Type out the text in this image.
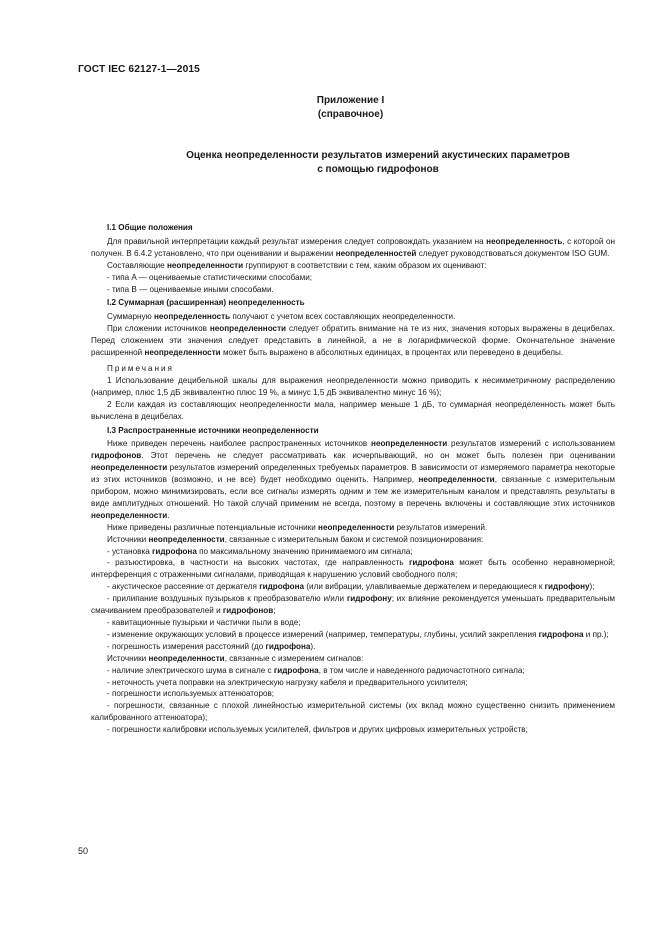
ГОСТ IEC 62127-1—2015
Приложение I
(справочное)
Оценка неопределенности результатов измерений акустических параметров
с помощью гидрофонов

I.1 Общие положения

Для правильной интерпретации каждый результат измерения следует сопровождать указанием на неопределенность, с которой он получен. В 6.4.2 установлено, что при оценивании и выражении неопределенностей следует руководствоваться документом ISO GUM.

Составляющие неопределенности группируют в соответствии с тем, каким образом их оценивают:

- типа A — оцениваемые статистическими способами;

- типа B — оцениваемые иными способами.

I.2 Суммарная (расширенная) неопределенность

Суммарную неопределенность получают с учетом всех составляющих неопределенности.

При сложении источников неопределенности следует обратить внимание на те из них, значения которых выражены в децибелах. Перед сложением эти значения следует представить в линейной, а не в логарифмической форме. Окончательное значение расширенной неопределенности может быть выражено в абсолютных единицах, в процентах или переведено в децибелы.

Примечания

1 Использование децибельной шкалы для выражения неопределенности можно приводить к несимметричному распределению (например, плюс 1,5 дБ эквивалентно плюс 19 %, а минус 1,5 дБ эквивалентно минус 16 %);

2 Если каждая из составляющих неопределенности мала, например меньше 1 дБ, то суммарная неопределенность может быть вычислена в децибелах.

I.3 Распространенные источники неопределенности

Ниже приведен перечень наиболее распространенных источников неопределенности результатов измерений с использованием гидрофонов. Этот перечень не следует рассматривать как исчерпывающий, но он может быть полезен при оценивании неопределенности результатов измерений определенных требуемых параметров. В зависимости от измеряемого параметра некоторые из этих источников (возможно, и не все) будет необходимо оценить. Например, неопределенности, связанные с измерительным прибором, можно минимизировать, если все сигналы измерять одним и тем же измерительным каналом и представлять результаты в виде амплитудных отношений. Но такой случай применим не всегда, поэтому в перечень включены и составляющие этих источников неопределенности.

Ниже приведены различные потенциальные источники неопределенности результатов измерений.

Источники неопределенности, связанные с измерительным баком и системой позиционирования:

- установка гидрофона по максимальному значению принимаемого им сигнала;

- разъюстировка, в частности на высоких частотах, где направленность гидрофона может быть особенно неравномерной; интерференция с отраженными сигналами, приводящая к нарушению условий свободного поля;

- акустическое рассеяние от держателя гидрофона (или вибрации, улавливаемые держателем и передающиеся к гидрофону);

- прилипание воздушных пузырьков к преобразователю и/или гидрофону; их влияние рекомендуется уменьшать предварительным смачиванием преобразователей и гидрофонов;

- кавитационные пузырьки и частички пыли в воде;

- изменение окружающих условий в процессе измерений (например, температуры, глубины, усилий закрепления гидрофона и пр.);

- погрешность измерения расстояний (до гидрофона).

Источники неопределенности, связанные с измерением сигналов:

- наличие электрического шума в сигнале с гидрофона, в том числе и наведенного радиочастотного сигнала;

- неточность учета поправки на электрическую нагрузку кабеля и предварительного усилителя;

- погрешности используемых аттенюаторов;

- погрешности, связанные с плохой линейностью измерительной системы (их вклад можно существенно снизить применением калиброванного аттенюатора);

- погрешности калибровки используемых усилителей, фильтров и других цифровых измерительных устройств;

50
